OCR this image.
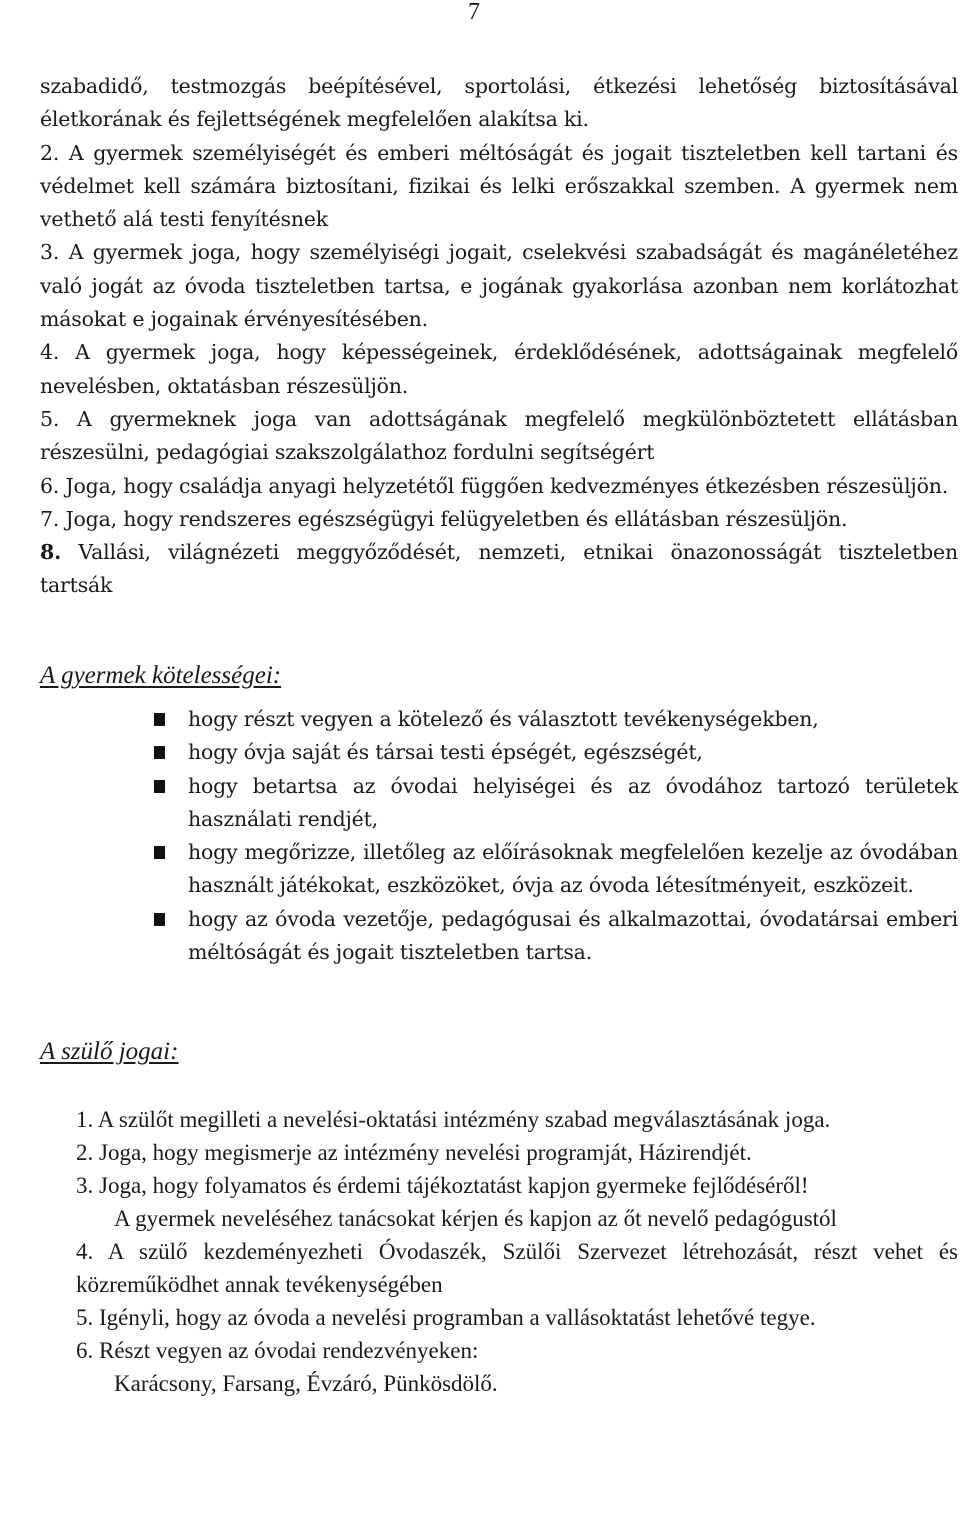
7

szabadidő, testmozgás beépítésével, sportolási, étkezési lehetőség biztosításával életkorának és fejlettségének megfelelően alakítsa ki.

2. A gyermek személyiségét és emberi méltóságát és jogait tiszteletben kell tartani és védelmet kell számára biztosítani, fizikai és lelki erőszakkal szemben. A gyermek nem vethető alá testi fenyítésnek

3. A gyermek joga, hogy személyiségi jogait, cselekvési szabadságát és magánéletéhez való jogát az óvoda tiszteletben tartsa, e jogának gyakorlása azonban nem korlátozhat másokat e jogainak érvényesítésében.

4. A gyermek joga, hogy képességeinek, érdeklődésének, adottságainak megfelelő nevelésben, oktatásban részesüljön.

5. A gyermeknek joga van adottságának megfelelő megkülönböztetett ellátásban részesülni, pedagógiai szakszolgálathoz fordulni segítségért

6. Joga, hogy családja anyagi helyzetétől függően kedvezményes étkezésben részesüljön.

7. Joga, hogy rendszeres egészségügyi felügyeletben és ellátásban részesüljön.

8. Vallási, világnézeti meggyőződését, nemzeti, etnikai önazonosságát tiszteletben tartsák

A gyermek kötelességei:
hogy részt vegyen a kötelező és választott tevékenységekben,
hogy óvja saját és társai testi épségét, egészségét,
hogy betartsa az óvodai helyiségei és az óvodához tartozó területek használati rendjét,
hogy megőrizze, illetőleg az előírásoknak megfelelően kezelje az óvodában használt játékokat, eszközöket, óvja az óvoda létesítményeit, eszközeit.
hogy az óvoda vezetője, pedagógusai és alkalmazottai, óvodatársai emberi méltóságát és jogait tiszteletben tartsa.
A szülő jogai:

1. A szülőt megilleti a nevelési-oktatási intézmény szabad megválasztásának joga.

2. Joga, hogy megismerje az intézmény nevelési programját, Házirendjét.

3. Joga, hogy folyamatos és érdemi tájékoztatást kapjon gyermeke fejlődéséről!

A gyermek neveléséhez tanácsokat kérjen és kapjon az őt nevelő pedagógustól

4. A szülő kezdeményezheti Óvodaszék, Szülői Szervezet létrehozását, részt vehet és közreműködhet annak tevékenységében

5. Igényli, hogy az óvoda a nevelési programban a vallásoktatást lehetővé tegye.

6. Részt vegyen az óvodai rendezvényeken:

Karácsony, Farsang, Évzáró, Pünkösdölő.
